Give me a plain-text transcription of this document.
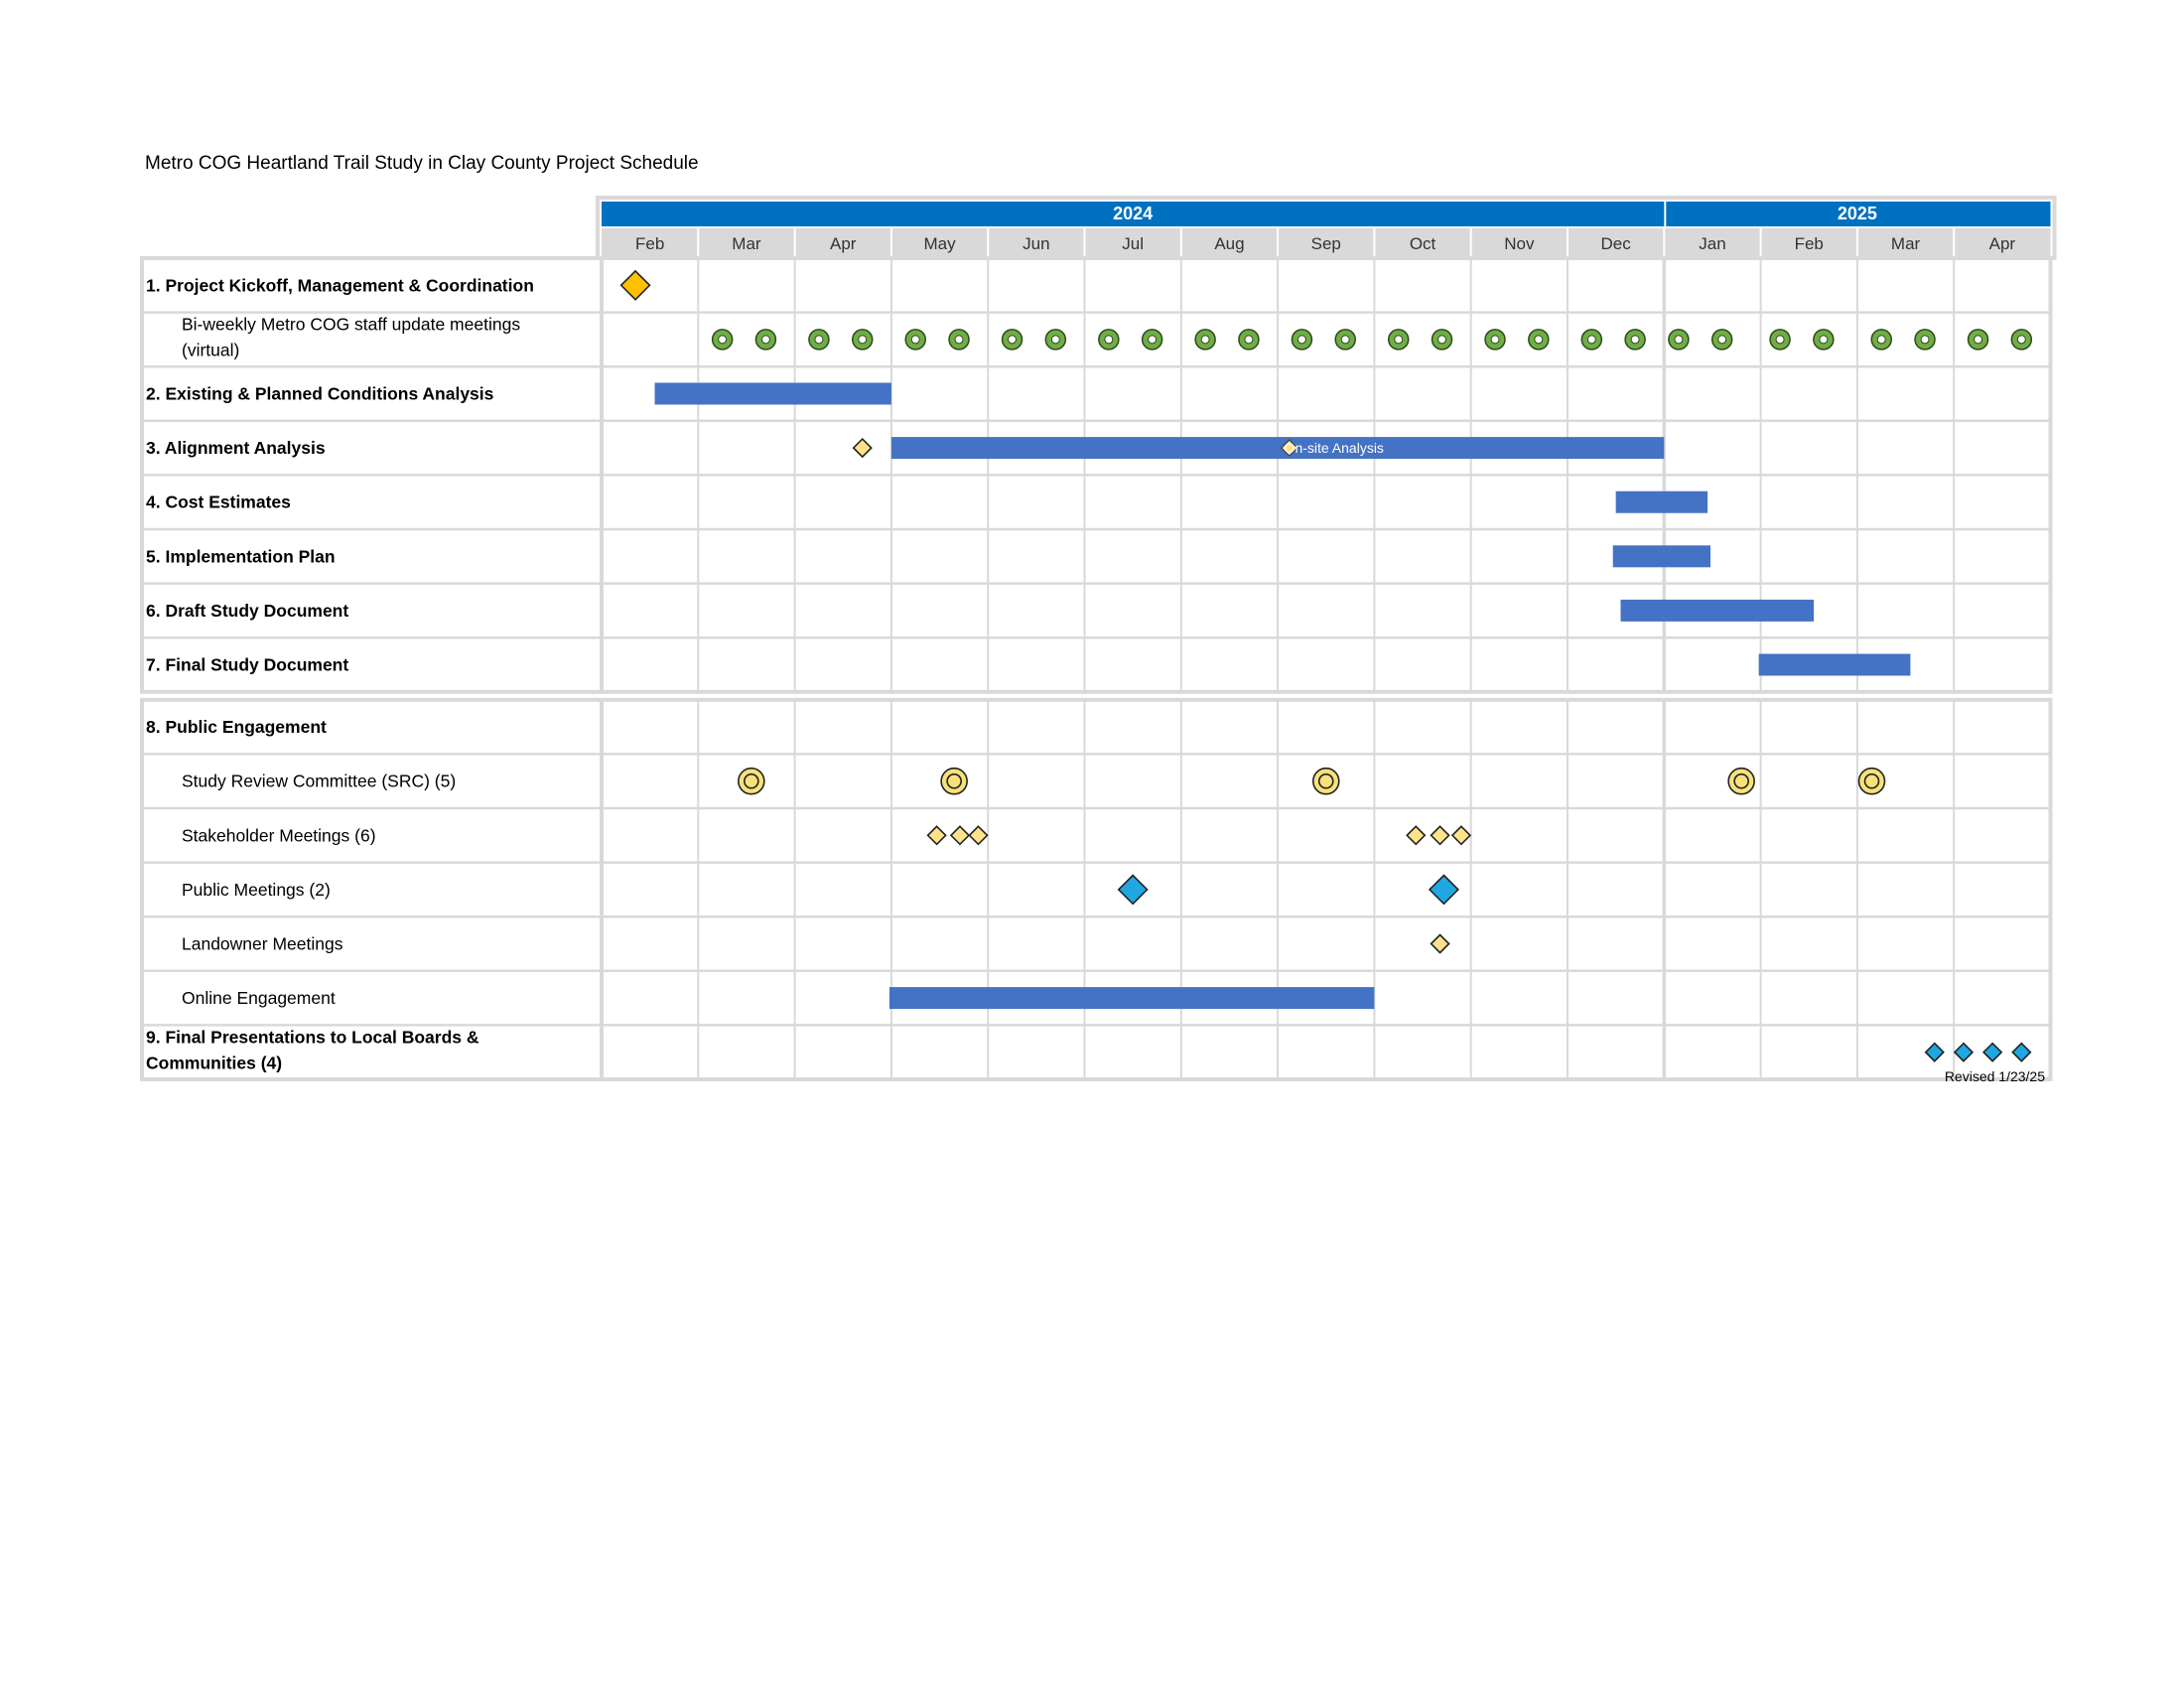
Metro COG Heartland Trail Study in Clay County Project Schedule
2024	2025
Feb	Mar	Apr	May	Jun	Jul	Aug	Sep	Oct	Nov	Dec	Jan	Feb	Mar	Apr
1. Project Kickoff, Management & Coordination
Bi-weekly Metro COG staff update meetings
(virtual)
2. Existing & Planned Conditions Analysis
3. Alignment Analysis	On-site Analysis
4. Cost Estimates
5. Implementation Plan
6. Draft Study Document
7. Final Study Document
8. Public Engagement
Study Review Committee (SRC) (5)
Stakeholder Meetings (6)
Public Meetings (2)
Landowner Meetings
Online Engagement
9. Final Presentations to Local Boards &
Communities (4)
Revised 1/23/25
